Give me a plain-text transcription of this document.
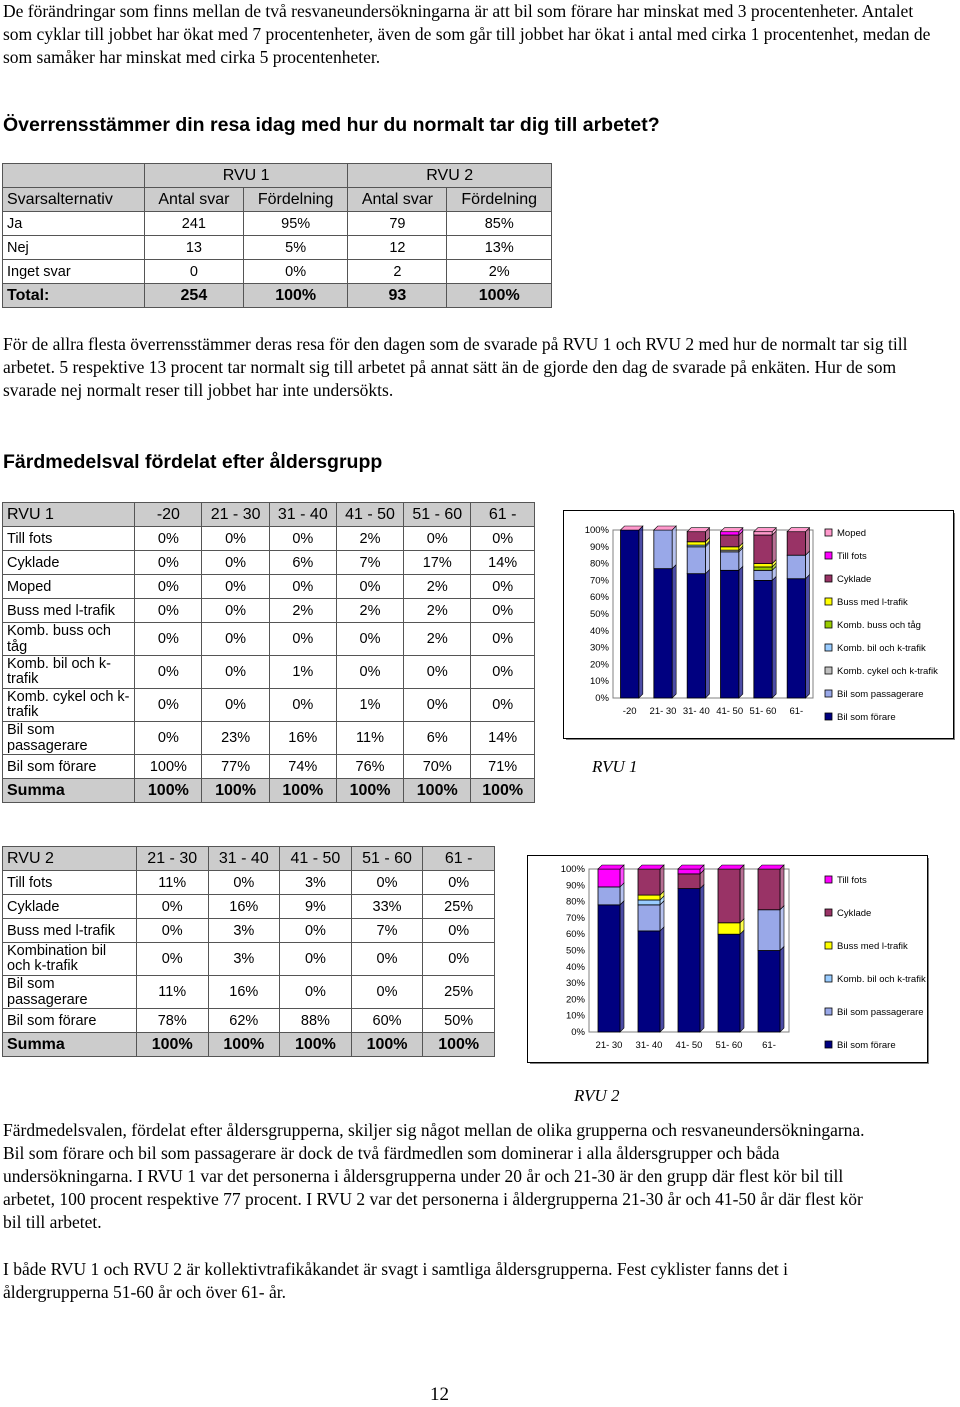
De förändringar som finns mellan de två resvaneundersökningarna är att bil som förare har minskat med 3 procentenheter. Antalet som cyklar till jobbet har ökat med 7 procentenheter, även de som går till jobbet har ökat i antal med cirka 1 procentenhet, medan de som samåker har minskat med cirka 5 procentenheter.

Överrensstämmer din resa idag med hur du normalt tar dig till arbetet?
	RVU 1		RVU 2	
Svarsalternativ	Antal svar	Fördelning	Antal svar	Fördelning
Ja	241	95%	79	85%
Nej	13	5%	12	13%
Inget svar	0	0%	2	2%
Total:	254	100%	93	100%

För de allra flesta överrensstämmer deras resa för den dagen som de svarade på RVU 1 och RVU 2 med hur de normalt tar sig till arbetet. 5 respektive 13 procent tar normalt sig till arbetet på annat sätt än de gjorde den dag de svarade på enkäten. Hur de som svarade nej normalt reser till jobbet har inte undersökts.

Färdmedelsval fördelat efter åldersgrupp
RVU 1	-20	21 - 30	31 - 40	41 - 50	51 - 60	61 -
Till fots	0%	0%	0%	2%	0%	0%
Cyklade	0%	0%	6%	7%	17%	14%
Moped	0%	0%	0%	0%	2%	0%
Buss med l-trafik	0%	0%	2%	2%	2%	0%
Komb. buss och tåg	0%	0%	0%	0%	2%	0%
Komb. bil och k-trafik	0%	0%	1%	0%	0%	0%
Komb. cykel och k-trafik	0%	0%	0%	1%	0%	0%
Bil som passagerare	0%	23%	16%	11%	6%	14%
Bil som förare	100%	77%	74%	76%	70%	71%
Summa	100%	100%	100%	100%	100%	100%
0%
10%
20%
30%
40%
50%
60%
70%
80%
90%
100%
-20 21- 30 31- 40 41- 50 51- 60 61-
Moped
Till fots
Cyklade
Buss med l-trafik
Komb. buss och tåg
Komb. bil och k-trafik
Komb. cykel och k-trafik
Bil som passagerare
Bil som förare
RVU 1
RVU 2	21 - 30	31 - 40	41 - 50	51 - 60	61 -
Till fots	11%	0%	3%	0%	0%
Cyklade	0%	16%	9%	33%	25%
Buss med l-trafik	0%	3%	0%	7%	0%
Kombination bil och k-trafik	0%	3%	0%	0%	0%
Bil som passagerare	11%	16%	0%	0%	25%
Bil som förare	78%	62%	88%	60%	50%
Summa	100%	100%	100%	100%	100%
0%
10%
20%
30%
40%
50%
60%
70%
80%
90%
100%
21- 30 31- 40 41- 50 51- 60 61-
Till fots
Cyklade
Buss med l-trafik
Komb. bil och k-trafik
Bil som passagerare
Bil som förare
RVU 2

Färdmedelsvalen, fördelat efter åldersgrupperna, skiljer sig något mellan de olika grupperna och resvaneundersökningarna. Bil som förare och bil som passagerare är dock de två färdmedlen som dominerar i alla åldersgrupper och båda undersökningarna. I RVU 1 var det personerna i åldersgrupperna under 20 år och 21-30 är den grupp där flest kör bil till arbetet, 100 procent respektive 77 procent. I RVU 2 var det personerna i åldergrupperna 21-30 år och 41-50 år där flest kör bil till arbetet.

I både RVU 1 och RVU 2 är kollektivtrafikåkandet är svagt i samtliga åldersgrupperna. Fest cyklister fanns det i åldergrupperna 51-60 år och över 61- år.

12
